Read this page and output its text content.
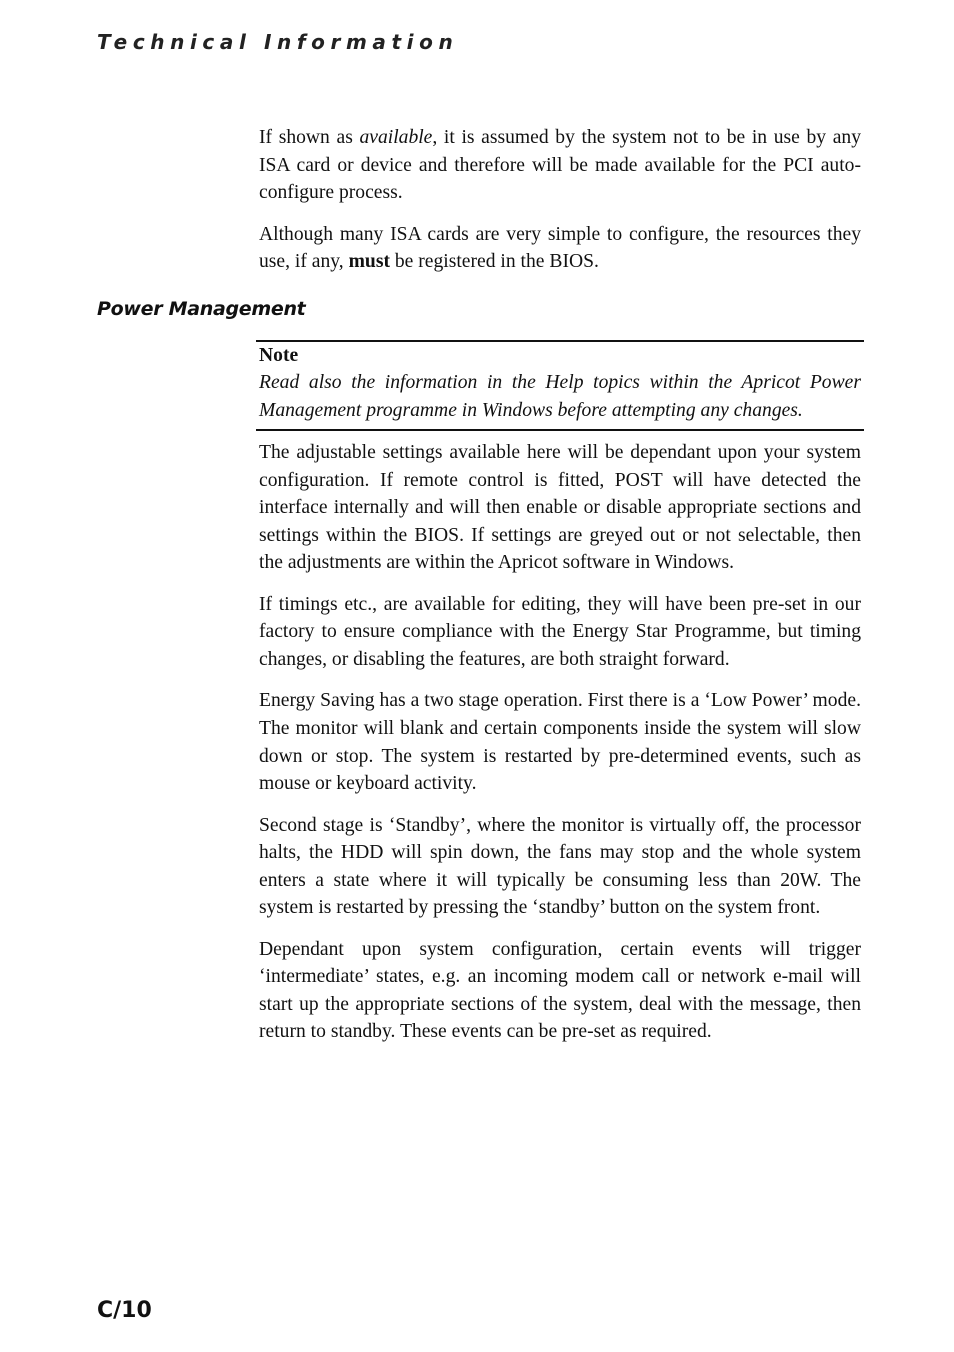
Technical Information

If shown as available, it is assumed by the system not to be in use by any ISA card or device and therefore will be made available for the PCI auto-configure process.

Although many ISA cards are very simple to configure, the resources they use, if any, must be registered in the BIOS.

Power Management

Note

Read also the information in the Help topics within the Apricot Power Management programme in Windows before attempting any changes.

The adjustable settings available here will be dependant upon your system configuration. If remote control is fitted, POST will have detected the interface internally and will then enable or disable appropriate sections and settings within the BIOS. If settings are greyed out or not selectable, then the adjustments are within the Apricot software in Windows.

If timings etc., are available for editing, they will have been pre-set in our factory to ensure compliance with the Energy Star Programme, but timing changes, or disabling the features, are both straight forward.

Energy Saving has a two stage operation. First there is a ‘Low Power’ mode. The monitor will blank and certain components inside the system will slow down or stop. The system is restarted by pre-determined events, such as mouse or keyboard activity.

Second stage is ‘Standby’, where the monitor is virtually off, the processor halts, the HDD will spin down, the fans may stop and the whole system enters a state where it will typically be consuming less than 20W. The system is restarted by pressing the ‘standby’ button on the system front.

Dependant upon system configuration, certain events will trigger ‘intermediate’ states, e.g. an incoming modem call or network e-mail will start up the appropriate sections of the system, deal with the message, then return to standby. These events can be pre-set as required.

C/10
